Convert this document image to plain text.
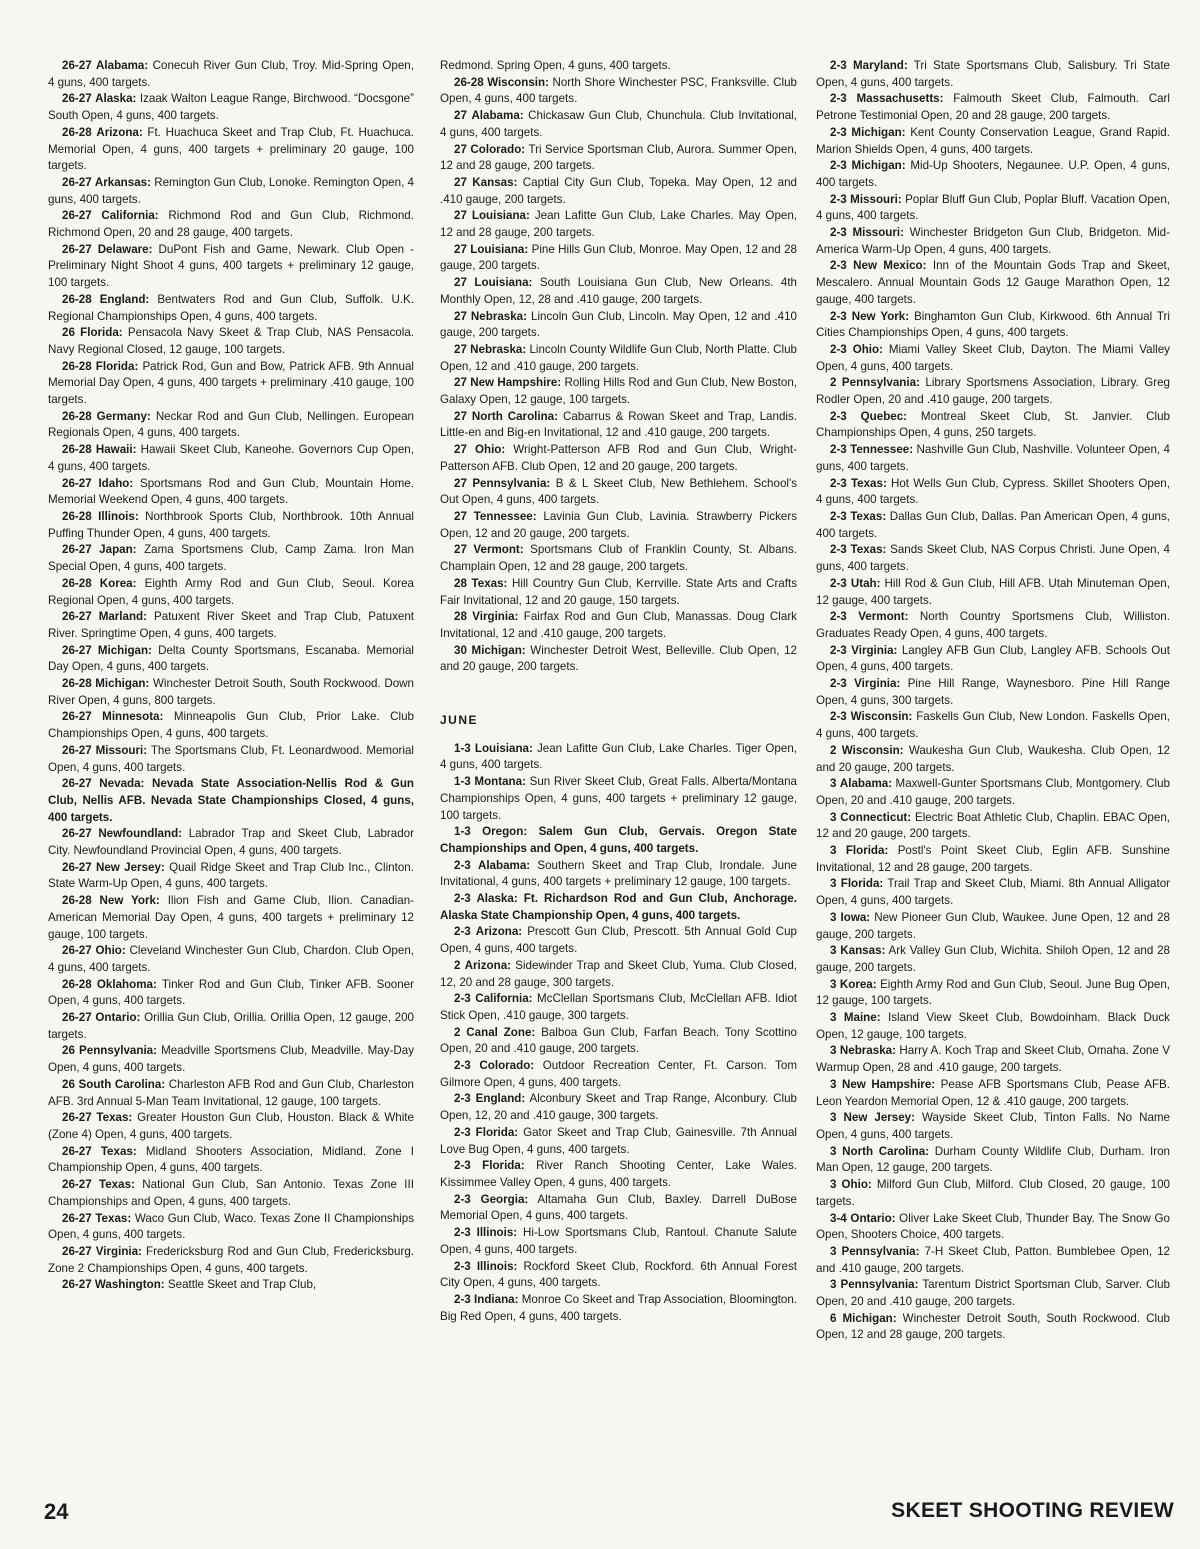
26-27 Alabama: Conecuh River Gun Club, Troy. Mid-Spring Open, 4 guns, 400 targets.

26-27 Alaska: Izaak Walton League Range, Birchwood. “Docsgone” South Open, 4 guns, 400 targets.

26-28 Arizona: Ft. Huachuca Skeet and Trap Club, Ft. Huachuca. Memorial Open, 4 guns, 400 targets + preliminary 20 gauge, 100 targets.

26-27 Arkansas: Remington Gun Club, Lonoke. Remington Open, 4 guns, 400 targets.

26-27 California: Richmond Rod and Gun Club, Richmond. Richmond Open, 20 and 28 gauge, 400 targets.

26-27 Delaware: DuPont Fish and Game, Newark. Club Open - Preliminary Night Shoot 4 guns, 400 targets + preliminary 12 gauge, 100 targets.

26-28 England: Bentwaters Rod and Gun Club, Suffolk. U.K. Regional Championships Open, 4 guns, 400 targets.

26 Florida: Pensacola Navy Skeet & Trap Club, NAS Pensacola. Navy Regional Closed, 12 gauge, 100 targets.

26-28 Florida: Patrick Rod, Gun and Bow, Patrick AFB. 9th Annual Memorial Day Open, 4 guns, 400 targets + preliminary .410 gauge, 100 targets.

26-28 Germany: Neckar Rod and Gun Club, Nellingen. European Regionals Open, 4 guns, 400 targets.

26-28 Hawaii: Hawaii Skeet Club, Kaneohe. Governors Cup Open, 4 guns, 400 targets.

26-27 Idaho: Sportsmans Rod and Gun Club, Mountain Home. Memorial Weekend Open, 4 guns, 400 targets.

26-28 Illinois: Northbrook Sports Club, Northbrook. 10th Annual Puffing Thunder Open, 4 guns, 400 targets.

26-27 Japan: Zama Sportsmens Club, Camp Zama. Iron Man Special Open, 4 guns, 400 targets.

26-28 Korea: Eighth Army Rod and Gun Club, Seoul. Korea Regional Open, 4 guns, 400 targets.

26-27 Marland: Patuxent River Skeet and Trap Club, Patuxent River. Springtime Open, 4 guns, 400 targets.

26-27 Michigan: Delta County Sportsmans, Escanaba. Memorial Day Open, 4 guns, 400 targets.

26-28 Michigan: Winchester Detroit South, South Rockwood. Down River Open, 4 guns, 800 targets.

26-27 Minnesota: Minneapolis Gun Club, Prior Lake. Club Championships Open, 4 guns, 400 targets.

26-27 Missouri: The Sportsmans Club, Ft. Leonardwood. Memorial Open, 4 guns, 400 targets.

26-27 Nevada: Nevada State Association-Nellis Rod & Gun Club, Nellis AFB. Nevada State Championships Closed, 4 guns, 400 targets.

26-27 Newfoundland: Labrador Trap and Skeet Club, Labrador City. Newfoundland Provincial Open, 4 guns, 400 targets.

26-27 New Jersey: Quail Ridge Skeet and Trap Club Inc., Clinton. State Warm-Up Open, 4 guns, 400 targets.

26-28 New York: Ilion Fish and Game Club, Ilion. Canadian-American Memorial Day Open, 4 guns, 400 targets + preliminary 12 gauge, 100 targets.

26-27 Ohio: Cleveland Winchester Gun Club, Chardon. Club Open, 4 guns, 400 targets.

26-28 Oklahoma: Tinker Rod and Gun Club, Tinker AFB. Sooner Open, 4 guns, 400 targets.

26-27 Ontario: Orillia Gun Club, Orillia. Orillia Open, 12 gauge, 200 targets.

26 Pennsylvania: Meadville Sportsmens Club, Meadville. May-Day Open, 4 guns, 400 targets.

26 South Carolina: Charleston AFB Rod and Gun Club, Charleston AFB. 3rd Annual 5-Man Team Invitational, 12 gauge, 100 targets.

26-27 Texas: Greater Houston Gun Club, Houston. Black & White (Zone 4) Open, 4 guns, 400 targets.

26-27 Texas: Midland Shooters Association, Midland. Zone I Championship Open, 4 guns, 400 targets.

26-27 Texas: National Gun Club, San Antonio. Texas Zone III Championships and Open, 4 guns, 400 targets.

26-27 Texas: Waco Gun Club, Waco. Texas Zone II Championships Open, 4 guns, 400 targets.

26-27 Virginia: Fredericksburg Rod and Gun Club, Fredericksburg. Zone 2 Championships Open, 4 guns, 400 targets.

26-27 Washington: Seattle Skeet and Trap Club,

Redmond. Spring Open, 4 guns, 400 targets.

26-28 Wisconsin: North Shore Winchester PSC, Franksville. Club Open, 4 guns, 400 targets.

27 Alabama: Chickasaw Gun Club, Chunchula. Club Invitational, 4 guns, 400 targets.

27 Colorado: Tri Service Sportsman Club, Aurora. Summer Open, 12 and 28 gauge, 200 targets.

27 Kansas: Captial City Gun Club, Topeka. May Open, 12 and .410 gauge, 200 targets.

27 Louisiana: Jean Lafitte Gun Club, Lake Charles. May Open, 12 and 28 gauge, 200 targets.

27 Louisiana: Pine Hills Gun Club, Monroe. May Open, 12 and 28 gauge, 200 targets.

27 Louisiana: South Louisiana Gun Club, New Orleans. 4th Monthly Open, 12, 28 and .410 gauge, 200 targets.

27 Nebraska: Lincoln Gun Club, Lincoln. May Open, 12 and .410 gauge, 200 targets.

27 Nebraska: Lincoln County Wildlife Gun Club, North Platte. Club Open, 12 and .410 gauge, 200 targets.

27 New Hampshire: Rolling Hills Rod and Gun Club, New Boston, Galaxy Open, 12 gauge, 100 targets.

27 North Carolina: Cabarrus & Rowan Skeet and Trap, Landis. Little-en and Big-en Invitational, 12 and .410 gauge, 200 targets.

27 Ohio: Wright-Patterson AFB Rod and Gun Club, Wright-Patterson AFB. Club Open, 12 and 20 gauge, 200 targets.

27 Pennsylvania: B & L Skeet Club, New Bethlehem. School's Out Open, 4 guns, 400 targets.

27 Tennessee: Lavinia Gun Club, Lavinia. Strawberry Pickers Open, 12 and 20 gauge, 200 targets.

27 Vermont: Sportsmans Club of Franklin County, St. Albans. Champlain Open, 12 and 28 gauge, 200 targets.

28 Texas: Hill Country Gun Club, Kerrville. State Arts and Crafts Fair Invitational, 12 and 20 gauge, 150 targets.

28 Virginia: Fairfax Rod and Gun Club, Manassas. Doug Clark Invitational, 12 and .410 gauge, 200 targets.

30 Michigan: Winchester Detroit West, Belleville. Club Open, 12 and 20 gauge, 200 targets.

JUNE

1-3 Louisiana: Jean Lafitte Gun Club, Lake Charles. Tiger Open, 4 guns, 400 targets.

1-3 Montana: Sun River Skeet Club, Great Falls. Alberta/Montana Championships Open, 4 guns, 400 targets + preliminary 12 gauge, 100 targets.

1-3 Oregon: Salem Gun Club, Gervais. Oregon State Championships and Open, 4 guns, 400 targets.

2-3 Alabama: Southern Skeet and Trap Club, Irondale. June Invitational, 4 guns, 400 targets + preliminary 12 gauge, 100 targets.

2-3 Alaska: Ft. Richardson Rod and Gun Club, Anchorage. Alaska State Championship Open, 4 guns, 400 targets.

2-3 Arizona: Prescott Gun Club, Prescott. 5th Annual Gold Cup Open, 4 guns, 400 targets.

2 Arizona: Sidewinder Trap and Skeet Club, Yuma. Club Closed, 12, 20 and 28 gauge, 300 targets.

2-3 California: McClellan Sportsmans Club, McClellan AFB. Idiot Stick Open, .410 gauge, 300 targets.

2 Canal Zone: Balboa Gun Club, Farfan Beach. Tony Scottino Open, 20 and .410 gauge, 200 targets.

2-3 Colorado: Outdoor Recreation Center, Ft. Carson. Tom Gilmore Open, 4 guns, 400 targets.

2-3 England: Alconbury Skeet and Trap Range, Alconbury. Club Open, 12, 20 and .410 gauge, 300 targets.

2-3 Florida: Gator Skeet and Trap Club, Gainesville. 7th Annual Love Bug Open, 4 guns, 400 targets.

2-3 Florida: River Ranch Shooting Center, Lake Wales. Kissimmee Valley Open, 4 guns, 400 targets.

2-3 Georgia: Altamaha Gun Club, Baxley. Darrell DuBose Memorial Open, 4 guns, 400 targets.

2-3 Illinois: Hi-Low Sportsmans Club, Rantoul. Chanute Salute Open, 4 guns, 400 targets.

2-3 Illinois: Rockford Skeet Club, Rockford. 6th Annual Forest City Open, 4 guns, 400 targets.

2-3 Indiana: Monroe Co Skeet and Trap Association, Bloomington. Big Red Open, 4 guns, 400 targets.

2-3 Maryland: Tri State Sportsmans Club, Salisbury. Tri State Open, 4 guns, 400 targets.

2-3 Massachusetts: Falmouth Skeet Club, Falmouth. Carl Petrone Testimonial Open, 20 and 28 gauge, 200 targets.

2-3 Michigan: Kent County Conservation League, Grand Rapid. Marion Shields Open, 4 guns, 400 targets.

2-3 Michigan: Mid-Up Shooters, Negaunee. U.P. Open, 4 guns, 400 targets.

2-3 Missouri: Poplar Bluff Gun Club, Poplar Bluff. Vacation Open, 4 guns, 400 targets.

2-3 Missouri: Winchester Bridgeton Gun Club, Bridgeton. Mid-America Warm-Up Open, 4 guns, 400 targets.

2-3 New Mexico: Inn of the Mountain Gods Trap and Skeet, Mescalero. Annual Mountain Gods 12 Gauge Marathon Open, 12 gauge, 400 targets.

2-3 New York: Binghamton Gun Club, Kirkwood. 6th Annual Tri Cities Championships Open, 4 guns, 400 targets.

2-3 Ohio: Miami Valley Skeet Club, Dayton. The Miami Valley Open, 4 guns, 400 targets.

2 Pennsylvania: Library Sportsmens Association, Library. Greg Rodler Open, 20 and .410 gauge, 200 targets.

2-3 Quebec: Montreal Skeet Club, St. Janvier. Club Championships Open, 4 guns, 250 targets.

2-3 Tennessee: Nashville Gun Club, Nashville. Volunteer Open, 4 guns, 400 targets.

2-3 Texas: Hot Wells Gun Club, Cypress. Skillet Shooters Open, 4 guns, 400 targets.

2-3 Texas: Dallas Gun Club, Dallas. Pan American Open, 4 guns, 400 targets.

2-3 Texas: Sands Skeet Club, NAS Corpus Christi. June Open, 4 guns, 400 targets.

2-3 Utah: Hill Rod & Gun Club, Hill AFB. Utah Minuteman Open, 12 gauge, 400 targets.

2-3 Vermont: North Country Sportsmens Club, Williston. Graduates Ready Open, 4 guns, 400 targets.

2-3 Virginia: Langley AFB Gun Club, Langley AFB. Schools Out Open, 4 guns, 400 targets.

2-3 Virginia: Pine Hill Range, Waynesboro. Pine Hill Range Open, 4 guns, 300 targets.

2-3 Wisconsin: Faskells Gun Club, New London. Faskells Open, 4 guns, 400 targets.

2 Wisconsin: Waukesha Gun Club, Waukesha. Club Open, 12 and 20 gauge, 200 targets.

3 Alabama: Maxwell-Gunter Sportsmans Club, Montgomery. Club Open, 20 and .410 gauge, 200 targets.

3 Connecticut: Electric Boat Athletic Club, Chaplin. EBAC Open, 12 and 20 gauge, 200 targets.

3 Florida: Postl's Point Skeet Club, Eglin AFB. Sunshine Invitational, 12 and 28 gauge, 200 targets.

3 Florida: Trail Trap and Skeet Club, Miami. 8th Annual Alligator Open, 4 guns, 400 targets.

3 Iowa: New Pioneer Gun Club, Waukee. June Open, 12 and 28 gauge, 200 targets.

3 Kansas: Ark Valley Gun Club, Wichita. Shiloh Open, 12 and 28 gauge, 200 targets.

3 Korea: Eighth Army Rod and Gun Club, Seoul. June Bug Open, 12 gauge, 100 targets.

3 Maine: Island View Skeet Club, Bowdoinham. Black Duck Open, 12 gauge, 100 targets.

3 Nebraska: Harry A. Koch Trap and Skeet Club, Omaha. Zone V Warmup Open, 28 and .410 gauge, 200 targets.

3 New Hampshire: Pease AFB Sportsmans Club, Pease AFB. Leon Yeardon Memorial Open, 12 & .410 gauge, 200 targets.

3 New Jersey: Wayside Skeet Club, Tinton Falls. No Name Open, 4 guns, 400 targets.

3 North Carolina: Durham County Wildlife Club, Durham. Iron Man Open, 12 gauge, 200 targets.

3 Ohio: Milford Gun Club, Milford. Club Closed, 20 gauge, 100 targets.

3-4 Ontario: Oliver Lake Skeet Club, Thunder Bay. The Snow Go Open, Shooters Choice, 400 targets.

3 Pennsylvania: 7-H Skeet Club, Patton. Bumblebee Open, 12 and .410 gauge, 200 targets.

3 Pennsylvania: Tarentum District Sportsman Club, Sarver. Club Open, 20 and .410 gauge, 200 targets.

6 Michigan: Winchester Detroit South, South Rockwood. Club Open, 12 and 28 gauge, 200 targets.

24	SKEET SHOOTING REVIEW
